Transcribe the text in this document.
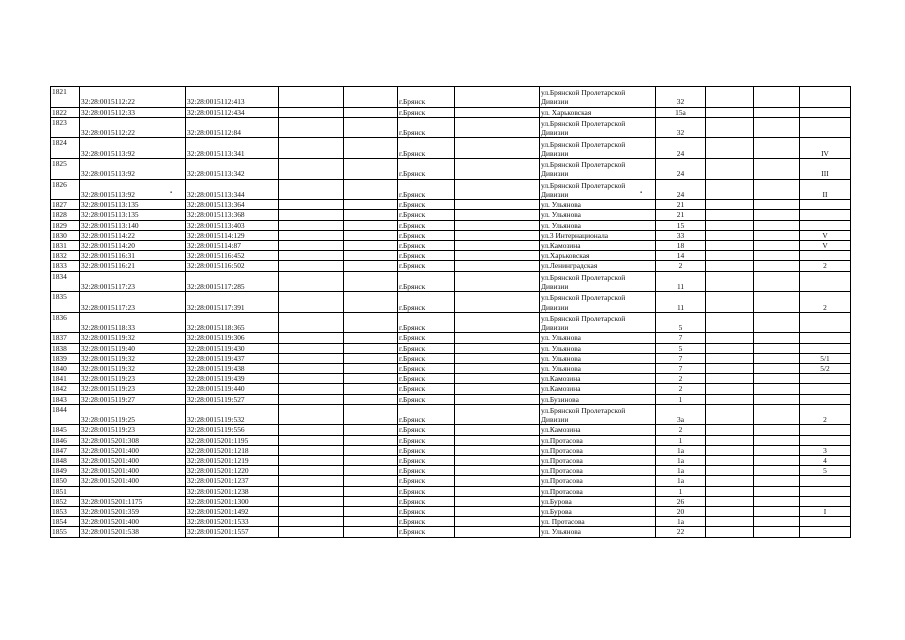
1821	32:28:0015112:22	32:28:0015112:413			г.Брянск		ул.Брянской Пролетарской
Дивизии	32			
1822	32:28:0015112:33	32:28:0015112:434			г.Брянск		ул. Харьковская	15а			
1823	32:28:0015112:22	32:28:0015112:84			г.Брянск		ул.Брянской Пролетарской
Дивизии	32			
1824	32:28:0015113:92	32:28:0015113:341			г.Брянск		ул.Брянской Пролетарской
Дивизии	24			IV
1825	32:28:0015113:92	32:28:0015113:342			г.Брянск		ул.Брянской Пролетарской
Дивизии	24			III
1826	32:28:0015113:92	32:28:0015113:344			г.Брянск		ул.Брянской Пролетарской
Дивизии	24			II
1827	32:28:0015113:135	32:28:0015113:364			г.Брянск		ул. Ульянова	21			
1828	32:28:0015113:135	32:28:0015113:368			г.Брянск		ул. Ульянова	21			
1829	32:28:0015113:140	32:28:0015113:403			г.Брянск		ул. Ульянова	15			
1830	32:28:0015114:22	32:28:0015114:129			г.Брянск		ул.3 Интернационала	33			V
1831	32:28:0015114:20	32:28:0015114:87			г.Брянск		ул.Камозина	18			V
1832	32:28:0015116:31	32:28:0015116:452			г.Брянск		ул.Харьковская	14			
1833	32:28:0015116:21	32:28:0015116:502			г.Брянск		ул.Ленинградская	2			2
1834	32:28:0015117:23	32:28:0015117:285			г.Брянск		ул.Брянской Пролетарской
Дивизии	11			
1835	32:28:0015117:23	32:28:0015117:391			г.Брянск		ул.Брянской Пролетарской
Дивизии	11			2
1836	32:28:0015118:33	32:28:0015118:365			г.Брянск		ул.Брянской Пролетарской
Дивизии	5			
1837	32:28:0015119:32	32:28:0015119:306			г.Брянск		ул. Ульянова	7			
1838	32:28:0015119:40	32:28:0015119:430			г.Брянск		ул. Ульянова	5			
1839	32:28:0015119:32	32:28:0015119:437			г.Брянск		ул. Ульянова	7			5/1
1840	32:28:0015119:32	32:28:0015119:438			г.Брянск		ул. Ульянова	7			5/2
1841	32:28:0015119:23	32:28:0015119:439			г.Брянск		ул.Камозина	2			
1842	32:28:0015119:23	32:28:0015119:440			г.Брянск		ул.Камозина	2			
1843	32:28:0015119:27	32:28:0015119:527			г.Брянск		ул.Бузинова	1			
1844	32:28:0015119:25	32:28:0015119:532			г.Брянск		ул.Брянской Пролетарской
Дивизии	3а			2
1845	32:28:0015119:23	32:28:0015119:556			г.Брянск		ул.Камозина	2			
1846	32:28:0015201:308	32:28:0015201:1195			г.Брянск		ул.Протасова	1			
1847	32:28:0015201:400	32:28:0015201:1218			г.Брянск		ул.Протасова	1а			3
1848	32:28:0015201:400	32:28:0015201:1219			г.Брянск		ул.Протасова	1а			4
1849	32:28:0015201:400	32:28:0015201:1220			г.Брянск		ул.Протасова	1а			5
1850	32:28:0015201:400	32:28:0015201:1237			г.Брянск		ул.Протасова	1а			
1851		32:28:0015201:1238			г.Брянск		ул.Протасова	1			
1852	32:28:0015201:1175	32:28:0015201:1300			г.Брянск		ул.Бурова	26			
1853	32:28:0015201:359	32:28:0015201:1492			г.Брянск		ул.Бурова	20			I
1854	32:28:0015201:400	32:28:0015201:1533			г.Брянск		ул. Протасова	1а			
1855	32:28:0015201:538	32:28:0015201:1557			г.Брянск		ул. Ульянова	22			
▪	▪
